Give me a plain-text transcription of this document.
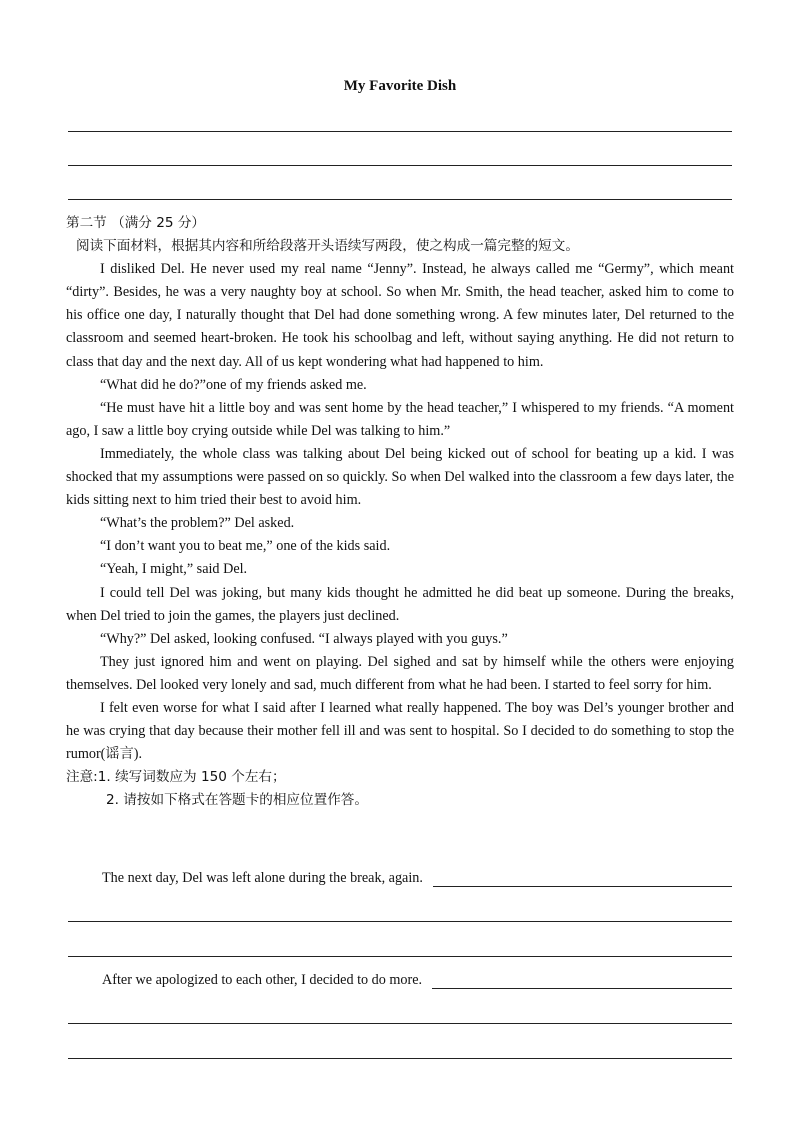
My Favorite Dish

第二节 （满分 25 分）

阅读下面材料，根据其内容和所给段落开头语续写两段，使之构成一篇完整的短文。

I disliked Del. He never used my real name “Jenny”. Instead, he always called me “Germy”, which meant “dirty”. Besides, he was a very naughty boy at school. So when Mr. Smith, the head teacher, asked him to come to his office one day, I naturally thought that Del had done something wrong. A few minutes later, Del returned to the classroom and seemed heart-broken. He took his schoolbag and left, without saying anything. He did not return to class that day and the next day. All of us kept wondering what had happened to him.

“What did he do?”one of my friends asked me.

“He must have hit a little boy and was sent home by the head teacher,” I whispered to my friends. “A moment ago, I saw a little boy crying outside while Del was talking to him.”

Immediately, the whole class was talking about Del being kicked out of school for beating up a kid. I was shocked that my assumptions were passed on so quickly. So when Del walked into the classroom a few days later, the kids sitting next to him tried their best to avoid him.

“What’s the problem?” Del asked.

“I don’t want you to beat me,” one of the kids said.

“Yeah, I might,” said Del.

I could tell Del was joking, but many kids thought he admitted he did beat up someone. During the breaks, when Del tried to join the games, the players just declined.

“Why?” Del asked, looking confused. “I always played with you guys.”

They just ignored him and went on playing. Del sighed and sat by himself while the others were enjoying themselves. Del looked very lonely and sad, much different from what he had been. I started to feel sorry for him.

I felt even worse for what I said after I learned what really happened. The boy was Del’s younger brother and he was crying that day because their mother fell ill and was sent to hospital. So I decided to do something to stop the rumor(谣言).

注意:1. 续写词数应为 150 个左右；

2. 请按如下格式在答题卡的相应位置作答。

The next day, Del was left alone during the break, again.
After we apologized to each other, I decided to do more.
